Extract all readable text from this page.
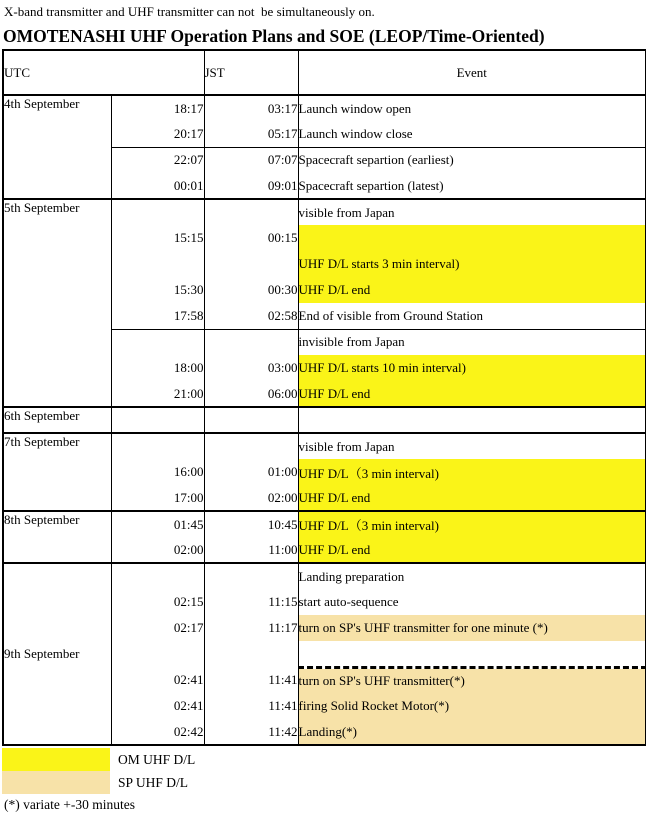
X-band transmitter and UHF transmitter can not  be simultaneously on.
OMOTENASHI UHF Operation Plans and SOE (LEOP/Time-Oriented)
UTC		JST	Event
4th September	18:17	03:17	Launch window open
	20:17	05:17	Launch window close
	22:07	07:07	Spacecraft separtion (earliest)
	00:01	09:01	Spacecraft separtion (latest)
5th September			visible from Japan
	15:15	00:15	UHF D/L starts 3 min interval)
	15:30	00:30	UHF D/L end
	17:58	02:58	End of visible from Ground Station
			invisible from Japan
	18:00	03:00	UHF D/L starts 10 min interval)
	21:00	06:00	UHF D/L end
6th September			
7th September			visible from Japan
	16:00	01:00	UHF D/L（3 min interval)
	17:00	02:00	UHF D/L end
8th September	01:45	10:45	UHF D/L（3 min interval)
	02:00	11:00	UHF D/L end
9th September			Landing preparation
	02:15	11:15	start auto-sequence
	02:17	11:17	turn on SP's UHF transmitter for one minute (*)

	02:41	11:41	turn on SP's UHF transmitter(*)
	02:41	11:41	firing Solid Rocket Motor(*)
	02:42	11:42	Landing(*)
OM UHF D/L
SP UHF D/L
(*) variate +-30 minutes
